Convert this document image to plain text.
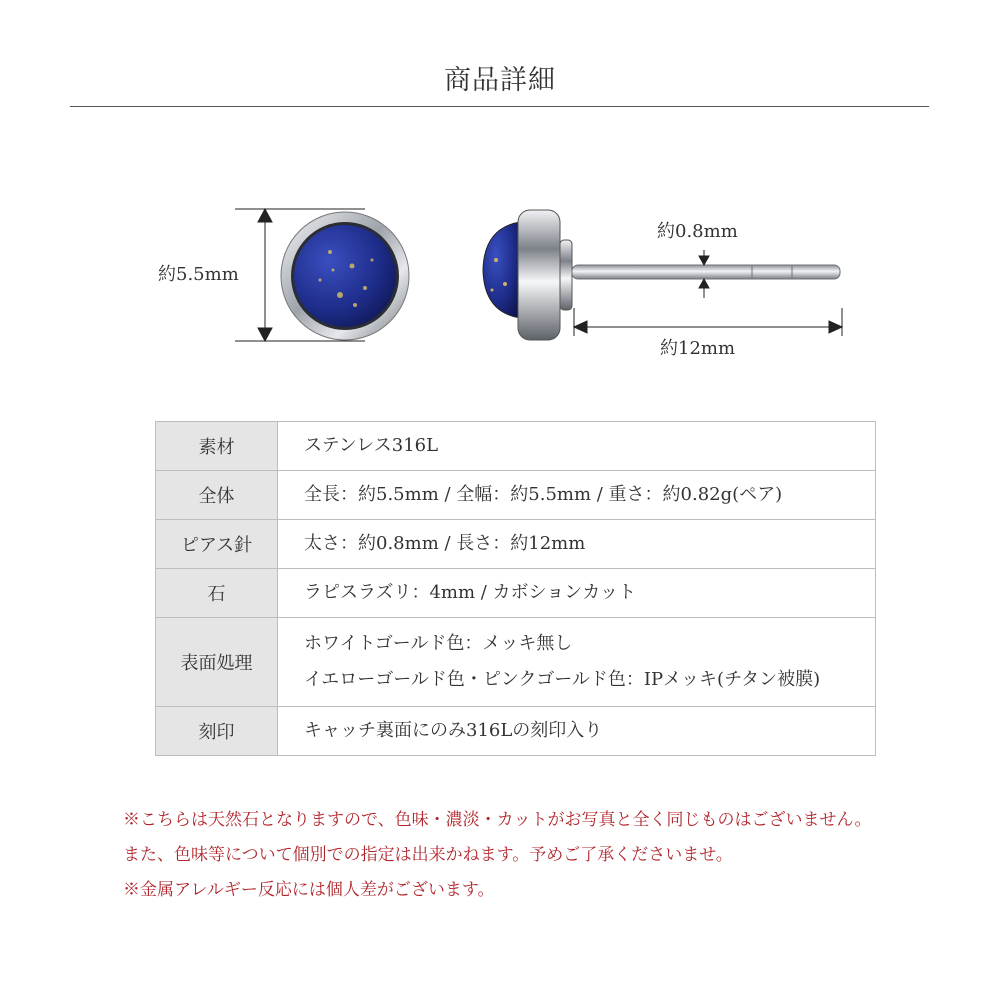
商品詳細
約5.5mm
約0.8mm
約12mm
素材	ステンレス316L

全体	全長：約5.5mm / 全幅：約5.5mm / 重さ：約0.82g(ペア)

ピアス針	太さ：約0.8mm / 長さ：約12mm

石	ラピスラズリ：4mm / カボションカット

表面処理	ホワイトゴールド色：メッキ無し
イエローゴールド色・ピンクゴールド色：IPメッキ(チタン被膜)

刻印	キャッチ裏面にのみ316Lの刻印入り
※こちらは天然石となりますので、色味・濃淡・カットがお写真と全く同じものはございません。
また、色味等について個別での指定は出来かねます。予めご了承くださいませ。
※金属アレルギー反応には個人差がございます。
